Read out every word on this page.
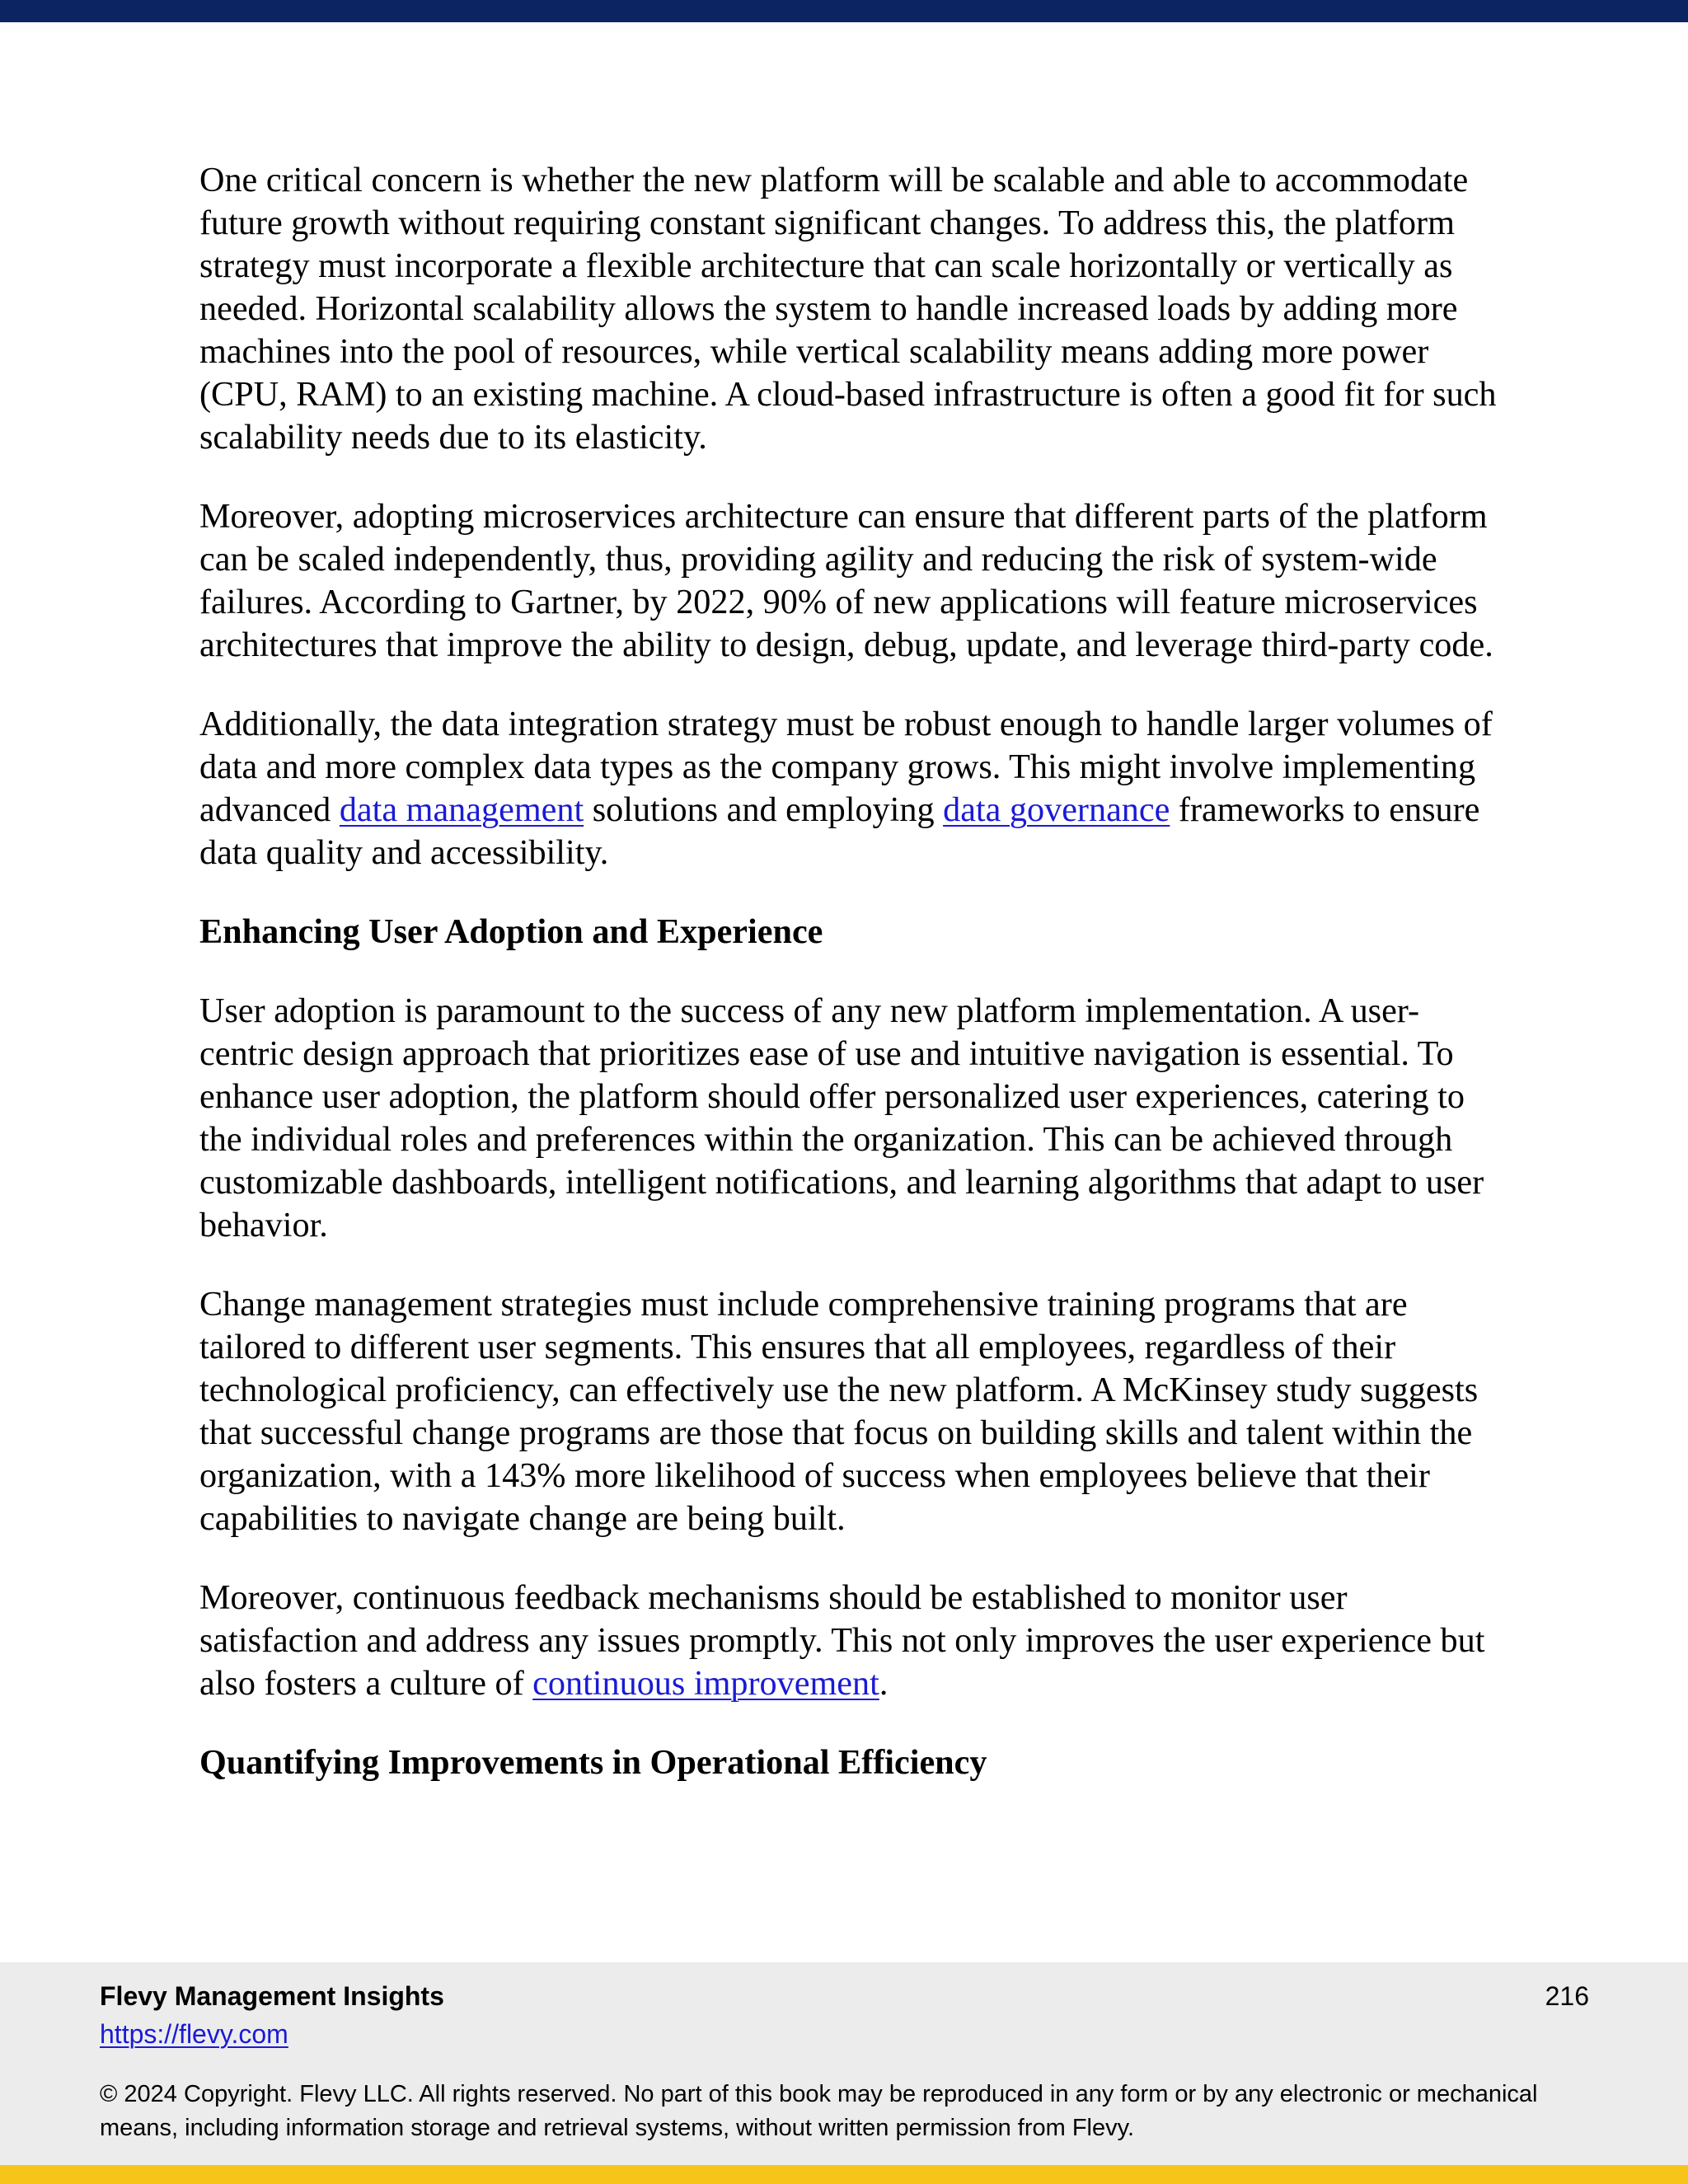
One critical concern is whether the new platform will be scalable and able to accommodate future growth without requiring constant significant changes. To address this, the platform strategy must incorporate a flexible architecture that can scale horizontally or vertically as needed. Horizontal scalability allows the system to handle increased loads by adding more machines into the pool of resources, while vertical scalability means adding more power (CPU, RAM) to an existing machine. A cloud-based infrastructure is often a good fit for such scalability needs due to its elasticity.

Moreover, adopting microservices architecture can ensure that different parts of the platform can be scaled independently, thus, providing agility and reducing the risk of system-wide failures. According to Gartner, by 2022, 90% of new applications will feature microservices architectures that improve the ability to design, debug, update, and leverage third-party code.

Additionally, the data integration strategy must be robust enough to handle larger volumes of data and more complex data types as the company grows. This might involve implementing advanced data management solutions and employing data governance frameworks to ensure data quality and accessibility.

Enhancing User Adoption and Experience

User adoption is paramount to the success of any new platform implementation. A user-centric design approach that prioritizes ease of use and intuitive navigation is essential. To enhance user adoption, the platform should offer personalized user experiences, catering to the individual roles and preferences within the organization. This can be achieved through customizable dashboards, intelligent notifications, and learning algorithms that adapt to user behavior.

Change management strategies must include comprehensive training programs that are tailored to different user segments. This ensures that all employees, regardless of their technological proficiency, can effectively use the new platform. A McKinsey study suggests that successful change programs are those that focus on building skills and talent within the organization, with a 143% more likelihood of success when employees believe that their capabilities to navigate change are being built.

Moreover, continuous feedback mechanisms should be established to monitor user satisfaction and address any issues promptly. This not only improves the user experience but also fosters a culture of continuous improvement.

Quantifying Improvements in Operational Efficiency
Flevy Management Insights
https://flevy.com
216
© 2024 Copyright. Flevy LLC. All rights reserved. No part of this book may be reproduced in any form or by any electronic or mechanical means, including information storage and retrieval systems, without written permission from Flevy.
